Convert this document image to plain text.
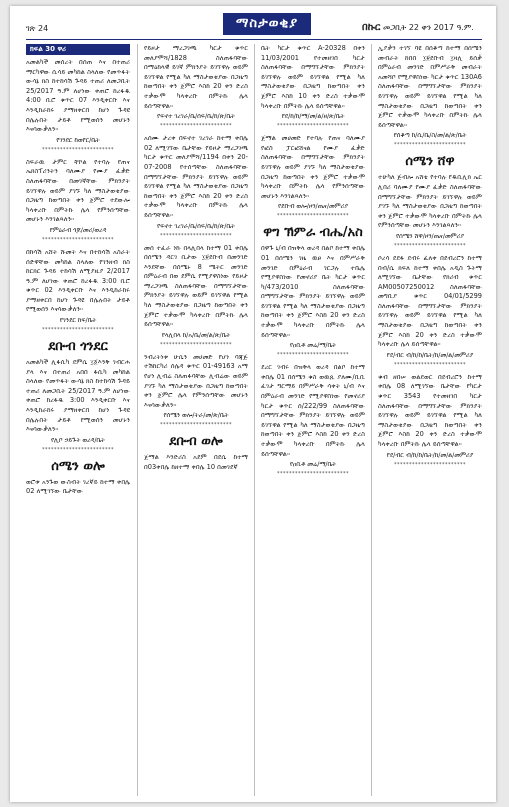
ገጽ 24	ማስታወቂያ	በኩር መጋቢት 22 ቀን 2017 ዓ.ም.
ክፍል 30 ዋሪ

አመልካች መሰረት በሰጠ እና በተጠሪ ማርካዋው ሲሳይ መካከል ስላለው የመጥፋት ውሳኔ ክስ ከተከሳሽ ጉዳይ ተጠሪ ለመጋቢት 25/2017 ዓ.ም ለሆነው ቀጠሮ ከረፋዱ 4:00 ቢሮ ቁጥር 07 እንዲቀርቡ እና እንዲከራከሩ ያማዘቀርበ ከሆነ ጉዳዩ በሌሉበት ታይቶ የሚወሰን መሆኑን እናሳውቃለን፡፡

የገንደር ከወየር/ቤት
************************

ስፍራዉ ታምር ቸኮል የተባሉ የጠና ኤክስፕሪንትን ባለሙያ የሙያ ፈቃድ ስለጠፋባቸው በመገኛቸው ምክንያት ይገኘዋሉ ወይም ያገኙ ካለ ማስታወቂያው በጋዜጣ ከወጣበት ቀን ጀምሮ ተደውሎ ካላቀረቡ በምትኩ ሌላ የምንሰጣቸው መሆኑን እንገልጻለን፡፡

የምዕራብ ጎጆ/መሪ/ወረዳ
************************

በከሳሽ አሸት ሹመት እና በተከሳሽ አስራት ሰድዋቸው መካከል ስላለው የገንዘብ ክስ ከርክር ጉዳይ ተከሳሽ ለሚያዚያ 2/2017 ዓ.ም ለሆነው ቀጠሮ ከረፋዱ 3:00 ቢሮ ቁጥር 02 እንዲቀርቡ እና እንዲከራከሩ ያማዘቀርበ ከሆነ ጉዳዩ በሌሉበት ታይቶ የሚወሰን እናሳውቃለን፡፡

የገንደር ከፍ/ቤት
************************
ደቡብ ጎንደር

አመልካች ሊፋሲካ ደምሴ ፲፩እንቅ ገብርሐ ያላ እና በተጠሪ አበበ ፋሲካ መካከል ስላለው የመጥፋት ውሳኔ ክስ ከተከሳሽ ጉዳይ ተጠሪ ለመጋቢት 25/2017 ዓ.ም ለሆነው ቀጠሮ ከረፋዱ 3:00 እንዲቀርቡ እና እንዲከራከሩ ያማዘቀርበ ከሆነ ጉዳዩ በሌሉበት ታይቶ የሚወሰን መሆኑን እናሳውቃለን፡፡

የሊቦ ኃይጉት ወረዳ/ቤት
************************
ሰሜን ወሎ

ወሮቱ አንጉወ ውስብት ገረኛይ ከተማ ቀበሌ 02 ለሚገኘው ቤታቸው

የይዞታ ማረጋገጫ ካርታ ቁጥር መለያሞሻ/1828 ስለጠፋባቸው በማዕከላዊ ይገኛ ምክንያት ይገኘዋሉ ወይም ይገኘዋል የሚል ካለ ማስታወቂያው በጋዜጣ ከወጣበት ቀን ጀምሮ እስከ 20 ቀን ድረስ ተቃውሞ ካላቀረቡ በምትኩ ሌላ ይሰጣቸዋል፡፡

የፍኖተ ገረገራ/ቤ/ሰፍ/ቤ/ከ/ጽ/ቤት
************************

አሰሙ ታረቀ በፍኖተ ገረገራ ከተማ ቀበሌ 02 ለሚገኘው ቤታቸው የይዞታ ማረጋገጫ ካርታ ቁጥር መለያሞሻ/1194 በቀን 20-07-2008 የተሰጣቸው ስለጠፋባቸው በማግኘታቸው ምክንያት ይገኘዋሉ ወይም ይገኘዋል የሚል ካለ ማስታወቂያው በጋዜጣ ከወጣበት ቀን ጀምሮ እስከ 20 ቀን ድረስ ተቃውሞ ካላቀረቡ በምትኩ ሌላ ይሰጣቸዋል፡፡

የፍኖተ ገረገራ/ቤ/ሰፍ/ቤ/ከ/ጽ/ቤት
************************

መሰ ተፈራ ነኩ በላሊበላ ከተማ 01 ቀበሌ በሰሜን ዳርገ ቢታው ፲፱ደቡብ በመንገድ እንደቸው በሰሜኑ 8 ሜትር መንገድ በምዕራብ በወ ደምሴ የሚያዋስነው የይዞታ ማረጋገጫ ስለጠፋባቸው በማግኘታቸው ምክንያት ይገኘዋሉ ወይም ይገኘዋል የሚል ካለ ማስታወቂያው በጋዜጣ ከወጣበት ቀን ጀምሮ ተቃውሞ ካላቀረቡ በምትኩ ሌላ ይሰጣቸዋል፡፡

የላሊበላ ከ/አ/ቤ/መ/ል/ጽ/ቤት
************************

ንብረትነቱ ሁሴን መሀመድ የሆነ ባጃጅ ተሽከርካሪ ሰሌዳ ቁጥር 01-49163 አማ የሆነ ሊብሬ ስለጠፋባቸው ሊብሬው ወይም ያገኙ ካለ ማስታወቂያው በጋዜጣ ከወጣበት ቀን ጀምሮ ሌላ የምንሰጣቸው መሆኑን እናሳውቃለን፡፡

የሰሜን ወሎ/ትራ/መ/ጽ/ቤት
************************
ደቡብ ወሎ

ጀማል እንድሪስ አደም በደሴ ከተማ በ03ቀበሌ ከዘተማ ቀበሌ 10 በመገደኛ

ቤት ካርታ ቁጥር A-20328 በቀን 11/03/2001 የተመዘገበ ካርታ ስለጠፋባቸው በማግኘታቸው ምክንያት ይገኘዋሉ ወይም ይገኘዋል የሚል ካለ ማስታወቂያው በጋዜጣ ከወጣበት ቀን ጀምሮ እስከ 10 ቀን ድረስ ተቃውሞ ካላቀረቡ በምትኩ ሌላ ይሰጣቸዋል፡፡

የደ/ከ/ከ/ማ/መ/ል/ዘ/ጽ/ቤት
************************

ጀማል መሀመድ የተባሉ የጠና ባለሙያ የፎስ ፓርፎሸናል የሙያ ፈቃድ ስለጠፋባቸው በማግኘታቸው ምክንያት ይገኘዋሉ ወይም ያገኙ ካለ ማስታወቂያው በጋዜጣ ከወጣበት ቀን ጀምሮ ተቃውሞ ካላቀረቡ በምትኩ ሌላ የምንሰጣቸው መሆኑን እንገልጻለን፡፡

የደቡብ ወሎ/ዞን/ጤና/መምሪያ
************************
ዋግ ኽምራ ብሔ/አስ

በዋጉ ኒ/ብ በዝቅላ ወረዳ በልቦ ከተማ ቀበሌ 01 በሰሜን ገዜ ዉፀ እና በምሥራቅ መንገድ በምዕራብ ገርጋሉ ተቤሌ የሚያዋስነው የመኖሪያ ቤት ካርታ ቁጥር ካ/473/2010 ስለጠፋባቸው በማግኘታቸው ምክንያት ይገኘዋሉ ወይም ይገኘዋል የሚል ካለ ማስታወቂያው በጋዜጣ ከወጣበት ቀን ጀምሮ እስከ 20 ቀን ድረስ ተቃውሞ ካላቀረቡ በምትኩ ሌላ ይሰጣቸዋል፡፡

የዐቢቶ መሬ/ማ/ቤት
************************

ደረር ገብሩ በዝቅላ ወረዳ በልቦ ከተማ ቀበሌ 01 በሰሜን ቁስ ወዉጹ ያለሙ/ቢቢ ፈገታ ግርማይ በምሥራቅ ሳቀት ኒ/ብ እና በምዕራብ መንገድ የሚያዋስነው የመኖሪያ ካርታ ቁጥር ሰ/222/99 ስለጠፋባቸው በማግኘታቸው ምክንያት ይገኘዋሉ ወይም ይገኘዋል የሚል ካለ ማስታወቂያው በጋዜጣ ከወጣበት ቀን ጀምሮ እስከ 20 ቀን ድረስ ተቃውሞ ካላቀረቡ በምትኩ ሌላ ይሰጣቸዋል፡፡

የዐቢቶ መሬ/ማ/ቤት
************************

ኢያቃን ተገኘ ባዩ በሰቆጣ ከተማ በሰሜን መብራት ከበበ ፲፱ደቡብ ፲ዛሊ ይሰቃ በምዕራብ መንገድ በምሥራቅ መብራት አመሻቦ የሚያዋስነው ካርታ ቁጥር 130A6 ስለጠፋባቸው በማግኘታቸው ምክንያት ይገኘዋሉ ወይም ይገኘዋል የሚል ካለ ማስታወቂያው በጋዜጣ ከወጣበት ቀን ጀምሮ ተቃውሞ ካላቀረቡ በምትኩ ሌላ ይሰጣቸዋል፡፡

የሰቆጣ ከ/ሲ/ቤ/ስ/መ/ል/ጽ/ቤት
************************
ሰሜን ሸዋ

ተሁካለ ጅብሎ አሸቴ የተባሉ የዱቢሊክ ኤር ሊበሪ ባለሙያ የሙያ ፈቃድ ስለጠፋባቸው በማግኘታቸው ምክንያት ይገኘዋሉ ወይም ያገኙ ካለ ማስታወቂያው በጋዜጣ ከወጣበት ቀን ጀምሮ ተቃውሞ ካላቀረቡ በምትኩ ሌላ የምንሰጣቸው መሆኑን እንገልጻለን፡፡

የሰሜን ሸዋ/ዞን/ጤና/መምሪያ
************************

ሶረሳ ደደፋ ደብሩ ፈለቀ በደብረሮን ከተማ በብ/ሴ ክፍለ ከተማ ቀበሌ አዲስ ጉትማ ለሚገኘው ቤታቸው የክሪብ ቁጥር AM00507250012 ስለጠፋባቸው መግቢያ ቁጥር 04/01/5299 ስለጠፋባቸው በማግኘታቸው ምክንያት ይገኘዋሉ ወይም ይገኘዋል የሚል ካለ ማስታወቂያው በጋዜጣ ከወጣበት ቀን ጀምሮ እስከ 20 ቀን ድረስ ተቃውሞ ካላቀረቡ ሌላ ይሰጣቸዋል፡፡

የደ/ብር ብ/ከ/ከ/ቤት/ከ/መ/ል/መምሪያ
************************

ቁብ ዘበሠ ወልደወር በደብረሮን ከተማ ቀበሌ 08 ለሚገኘው ቤታቸው የካርታ ቁጥር 3543 የተመዘገበ ካርታ ስለጠፋባቸው በማግኘታቸው ምክንያት ይገኘዋሉ ወይም ይገኘዋል የሚል ካለ ማስታወቂያው በጋዜጣ ከወጣበት ቀን ጀምሮ እስከ 20 ቀን ድረስ ተቃውሞ ካላቀረቡ በምትኩ ሌላ ይሰጣቸዋል፡፡

የደ/ብር ብ/ከ/ከ/ቤት/ከ/መ/ል/መምሪያ
************************
